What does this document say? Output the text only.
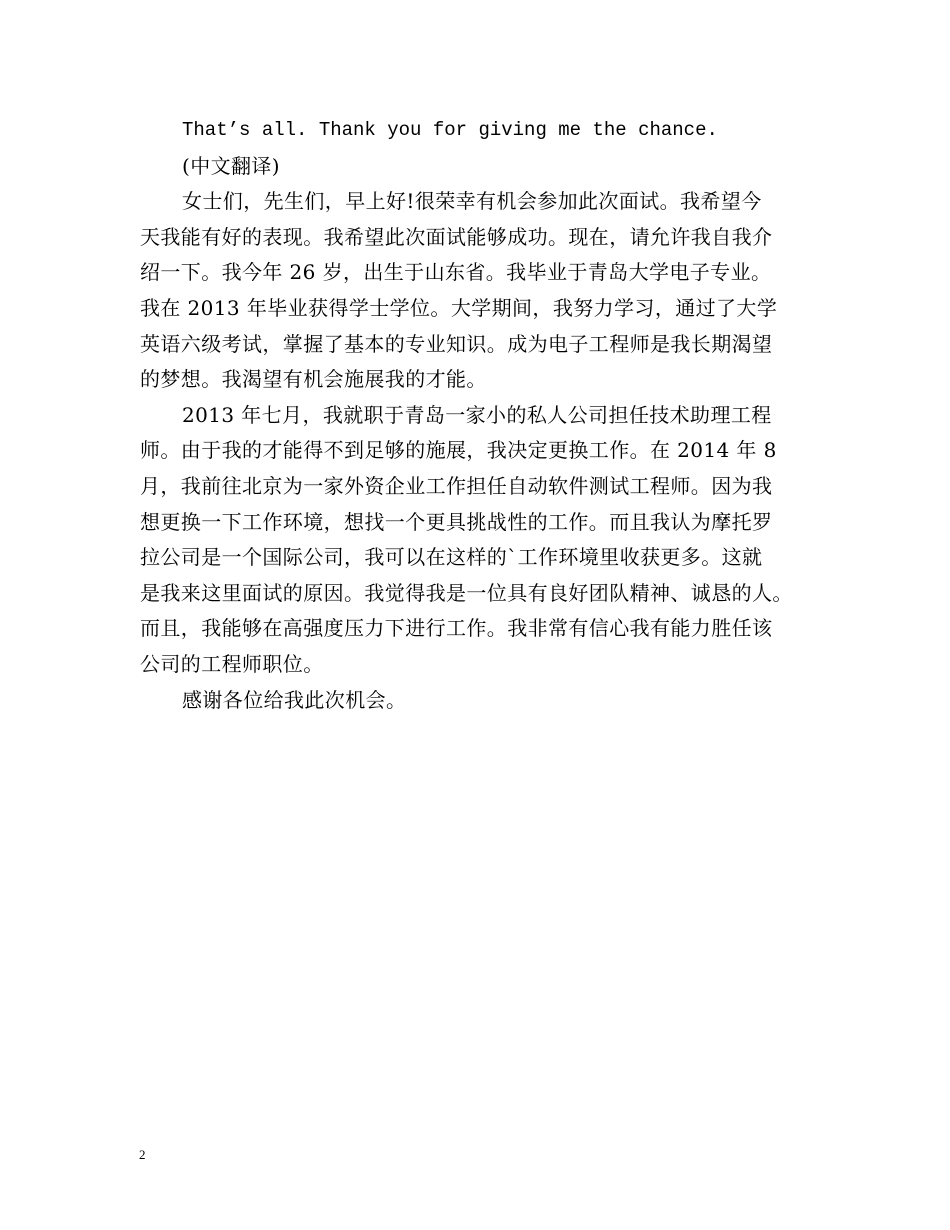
That’s all. Thank you for giving me the chance.
(中文翻译)
女士们，先生们，早上好!很荣幸有机会参加此次面试。我希望今
天我能有好的表现。我希望此次面试能够成功。现在，请允许我自我介
绍一下。我今年 26 岁，出生于山东省。我毕业于青岛大学电子专业。
我在 2013 年毕业获得学士学位。大学期间，我努力学习，通过了大学
英语六级考试，掌握了基本的专业知识。成为电子工程师是我长期渴望
的梦想。我渴望有机会施展我的才能。
2013 年七月，我就职于青岛一家小的私人公司担任技术助理工程
师。由于我的才能得不到足够的施展，我决定更换工作。在 2014 年 8
月，我前往北京为一家外资企业工作担任自动软件测试工程师。因为我
想更换一下工作环境，想找一个更具挑战性的工作。而且我认为摩托罗
拉公司是一个国际公司，我可以在这样的`工作环境里收获更多。这就
是我来这里面试的原因。我觉得我是一位具有良好团队精神、诚恳的人。
而且，我能够在高强度压力下进行工作。我非常有信心我有能力胜任该
公司的工程师职位。
感谢各位给我此次机会。
2
